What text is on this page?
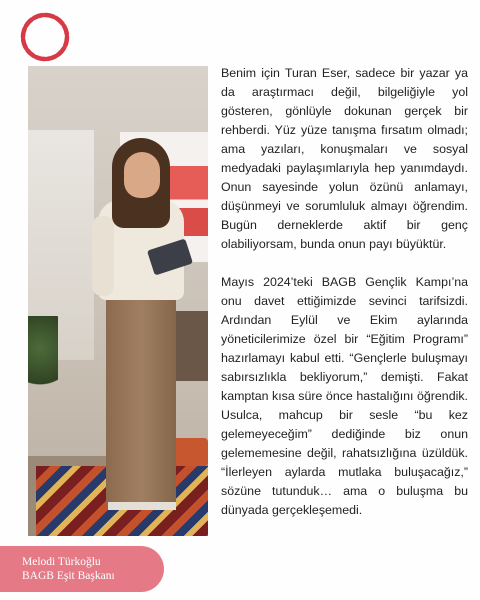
Melodi Türkoğlu
BAGB Eşit Başkanı

Benim için Turan Eser, sadece bir yazar ya da araştırmacı değil, bilgeliğiyle yol gösteren, gönlüyle dokunan gerçek bir rehberdi. Yüz yüze tanışma fırsatım olmadı; ama yazıları, konuşmaları ve sosyal medyadaki paylaşımlarıyla hep yanımdaydı. Onun sayesinde yolun özünü anlamayı, düşünmeyi ve sorumluluk almayı öğrendim. Bugün derneklerde aktif bir genç olabiliyorsam, bunda onun payı büyüktür.

Mayıs 2024’teki BAGB Gençlik Kampı’na onu davet ettiğimizde sevinci tarifsizdi. Ardından Eylül ve Ekim aylarında yöneticilerimize özel bir “Eğitim Programı” hazırlamayı kabul etti. “Gençlerle buluşmayı sabırsızlıkla bekliyorum,” demişti. Fakat kamptan kısa süre önce hastalığını öğrendik. Usulca, mahcup bir sesle “bu kez gelemeyeceğim” dediğinde biz onun gelememesine değil, rahatsızlığına üzüldük. “İlerleyen aylarda mutlaka buluşacağız,” sözüne tutunduk… ama o buluşma bu dünyada gerçekleşemedi.
